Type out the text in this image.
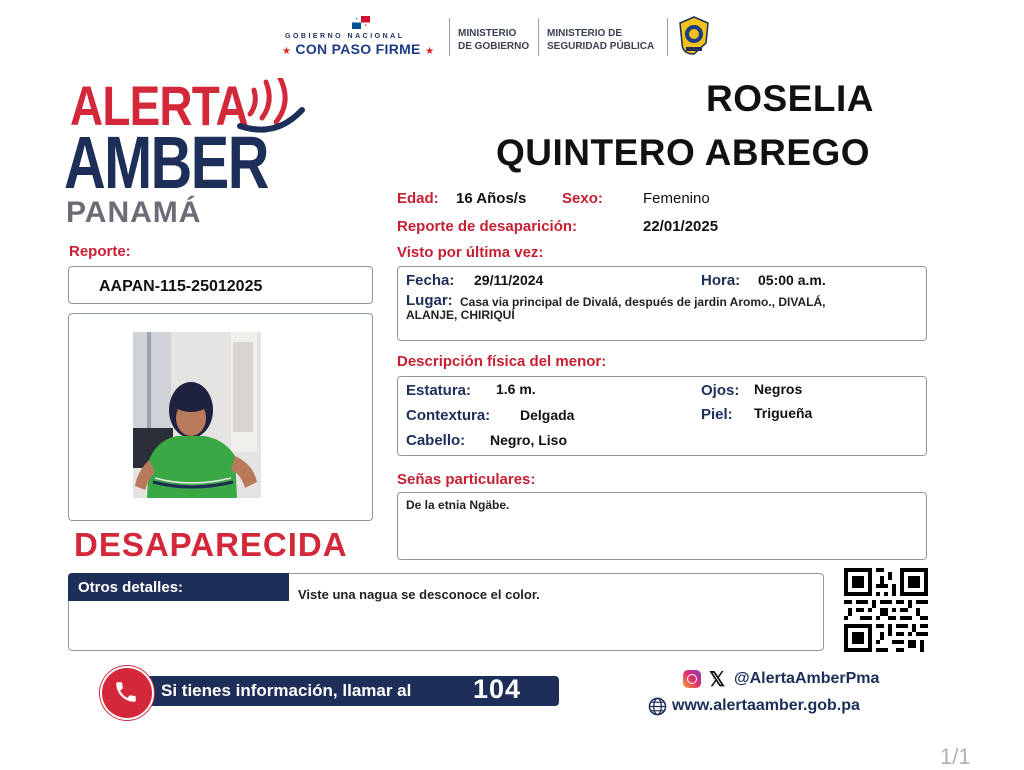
GOBIERNO NACIONAL
★ CON PASO FIRME ★
MINISTERIO
DE GOBIERNO
MINISTERIO DE
SEGURIDAD PÚBLICA
ALERTA
AMBER
PANAMÁ
ROSELIA
QUINTERO ABREGO
Edad: 16 Años/s Sexo:	Femenino
Reporte de desaparición:	22/01/2025
Reporte:
AAPAN-115-25012025
DESAPARECIDA
Visto por última vez:
Fecha: 29/11/2024	Hora: 05:00 a.m.
Lugar: Casa via principal de Divalá, después de jardin Aromo., DIVALÁ,
ALANJE, CHIRIQUÍ
Descripción física del menor:
Estatura: 1.6 m.	Ojos: Negros
Contextura: Delgada	Piel: Trigueña
Cabello: Negro, Liso
Señas particulares:
De la etnia Ngäbe.
Otros detalles:	Viste una nagua se desconoce el color.
Si tienes información, llamar al 104	𝕏 @AlertaAmberPma
www.alertaamber.gob.pa
1/1
